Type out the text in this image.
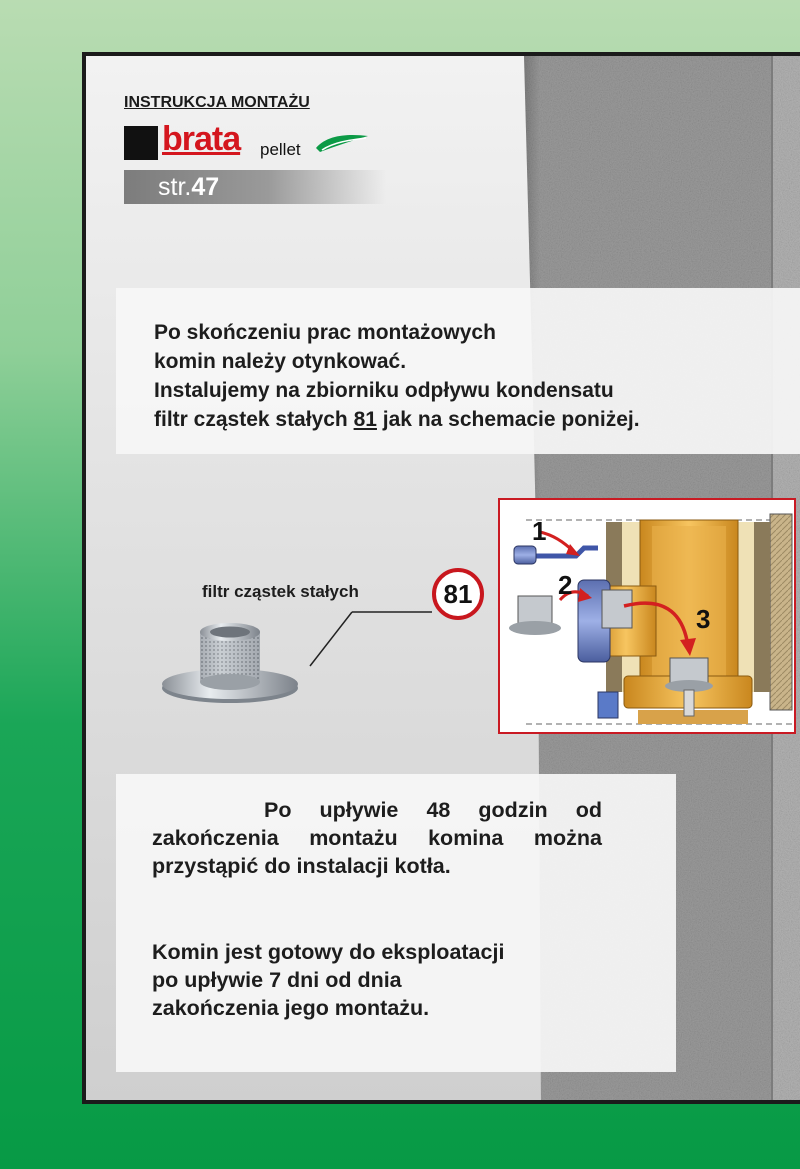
INSTRUKCJA MONTAŻU
brata pellet
str.47

Po skończeniu prac montażowych
komin należy otynkować.
Instalujemy na zbiorniku odpływu kondensatu
filtr cząstek stałych 81 jak na schemacie poniżej.

filtr cząstek stałych	81
1
2
3

Po upływie 48 godzin od zakończenia montażu komina można przystąpić do instalacji kotła.

Komin jest gotowy do eksploatacji
po upływie 7 dni od dnia
zakończenia jego montażu.
